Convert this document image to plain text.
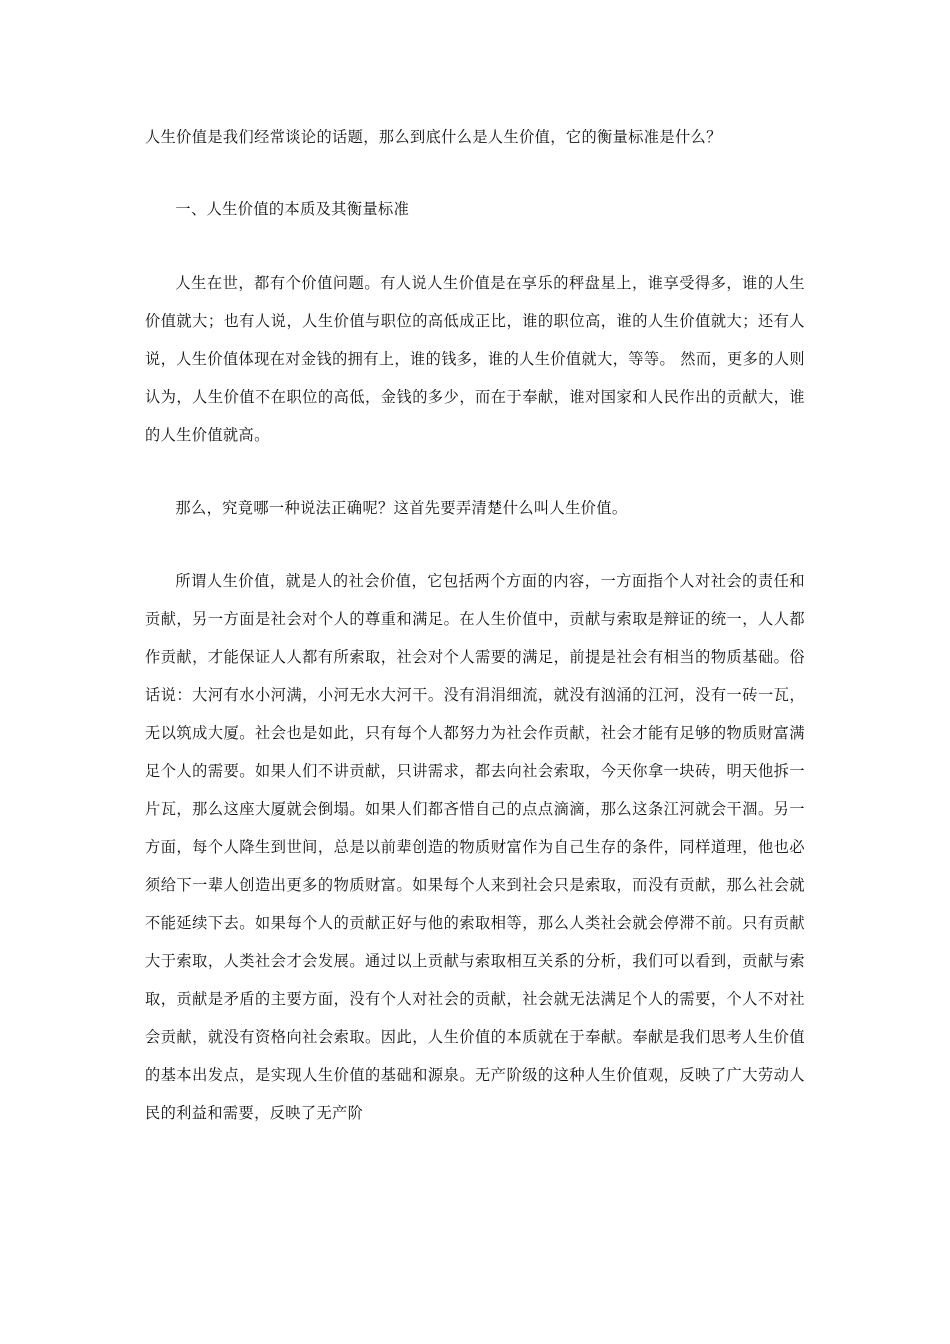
人生价值是我们经常谈论的话题，那么到底什么是人生价值，它的衡量标准是什么？

一、人生价值的本质及其衡量标准

人生在世，都有个价值问题。有人说人生价值是在享乐的秤盘星上，谁享受得多，谁的人生价值就大；也有人说，人生价值与职位的高低成正比，谁的职位高，谁的人生价值就大；还有人说，人生价值体现在对金钱的拥有上，谁的钱多，谁的人生价值就大，等等。 然而，更多的人则认为，人生价值不在职位的高低，金钱的多少，而在于奉献，谁对国家和人民作出的贡献大，谁的人生价值就高。

那么，究竟哪一种说法正确呢？这首先要弄清楚什么叫人生价值。

所谓人生价值，就是人的社会价值，它包括两个方面的内容，一方面指个人对社会的责任和贡献，另一方面是社会对个人的尊重和满足。在人生价值中，贡献与索取是辩证的统一，人人都作贡献，才能保证人人都有所索取，社会对个人需要的满足，前提是社会有相当的物质基础。俗话说：大河有水小河满，小河无水大河干。没有涓涓细流，就没有汹涌的江河，没有一砖一瓦，无以筑成大厦。社会也是如此，只有每个人都努力为社会作贡献，社会才能有足够的物质财富满足个人的需要。如果人们不讲贡献，只讲需求，都去向社会索取，今天你拿一块砖，明天他拆一片瓦，那么这座大厦就会倒塌。如果人们都吝惜自己的点点滴滴，那么这条江河就会干涸。另一方面，每个人降生到世间，总是以前辈创造的物质财富作为自己生存的条件，同样道理，他也必须给下一辈人创造出更多的物质财富。如果每个人来到社会只是索取，而没有贡献，那么社会就不能延续下去。如果每个人的贡献正好与他的索取相等，那么人类社会就会停滞不前。只有贡献大于索取，人类社会才会发展。通过以上贡献与索取相互关系的分析，我们可以看到，贡献与索取，贡献是矛盾的主要方面，没有个人对社会的贡献，社会就无法满足个人的需要，个人不对社会贡献，就没有资格向社会索取。因此，人生价值的本质就在于奉献。奉献是我们思考人生价值的基本出发点，是实现人生价值的基础和源泉。无产阶级的这种人生价值观，反映了广大劳动人民的利益和需要，反映了无产阶
